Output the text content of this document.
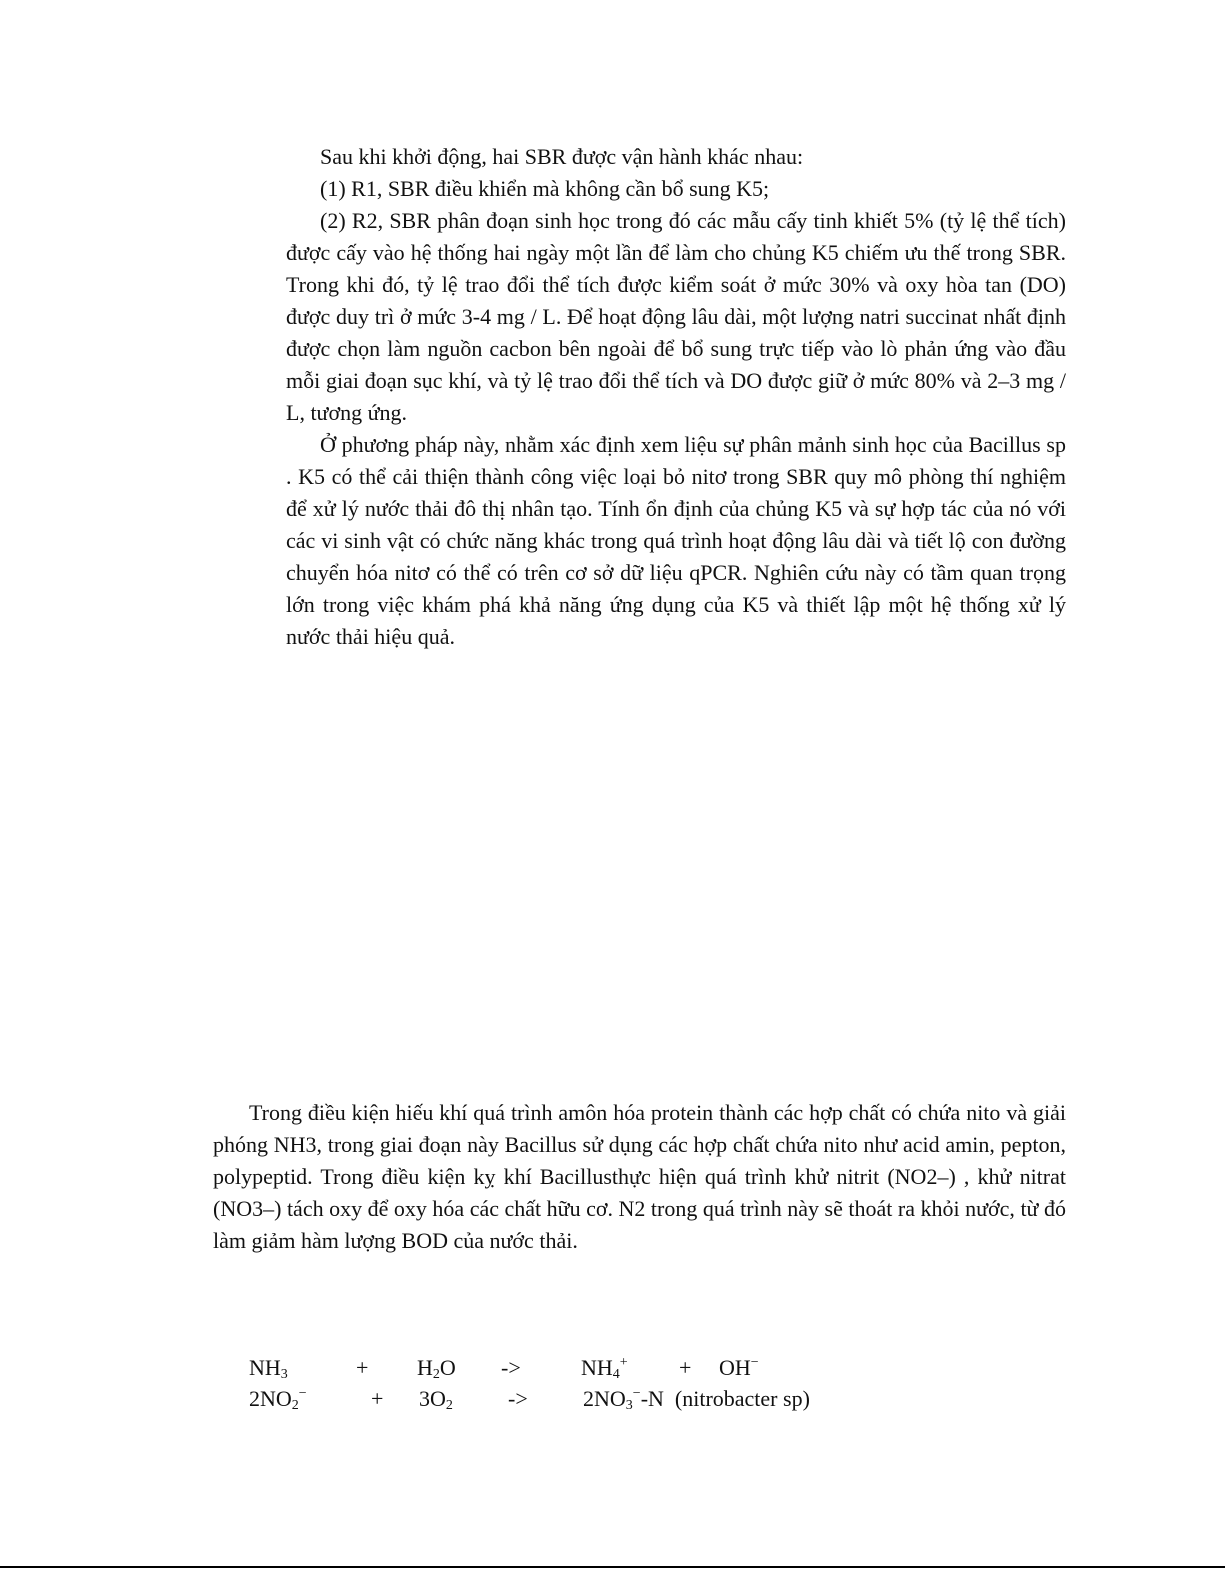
Sau khi khởi động, hai SBR được vận hành khác nhau:

(1) R1, SBR điều khiển mà không cần bổ sung K5;

(2) R2, SBR phân đoạn sinh học trong đó các mẫu cấy tinh khiết 5% (tỷ lệ thể tích) được cấy vào hệ thống hai ngày một lần để làm cho chủng K5 chiếm ưu thế trong SBR. Trong khi đó, tỷ lệ trao đổi thể tích được kiểm soát ở mức 30% và oxy hòa tan (DO) được duy trì ở mức 3-4 mg / L. Để hoạt động lâu dài, một lượng natri succinat nhất định được chọn làm nguồn cacbon bên ngoài để bổ sung trực tiếp vào lò phản ứng vào đầu mỗi giai đoạn sục khí, và tỷ lệ trao đổi thể tích và DO được giữ ở mức 80% và 2–3 mg / L, tương ứng.

Ở phương pháp này, nhằm xác định xem liệu sự phân mảnh sinh học của Bacillus sp . K5 có thể cải thiện thành công việc loại bỏ nitơ trong SBR quy mô phòng thí nghiệm để xử lý nước thải đô thị nhân tạo. Tính ổn định của chủng K5 và sự hợp tác của nó với các vi sinh vật có chức năng khác trong quá trình hoạt động lâu dài và tiết lộ con đường chuyển hóa nitơ có thể có trên cơ sở dữ liệu qPCR. Nghiên cứu này có tầm quan trọng lớn trong việc khám phá khả năng ứng dụng của K5 và thiết lập một hệ thống xử lý nước thải hiệu quả.

Trong điều kiện hiếu khí quá trình amôn hóa protein thành các hợp chất có chứa nito và giải phóng NH3, trong giai đoạn này Bacillus sử dụng các hợp chất chứa nito như acid amin, pepton, polypeptid. Trong điều kiện kỵ khí Bacillusthực hiện quá trình khử nitrit (NO2–) , khử nitrat (NO3–) tách oxy để oxy hóa các chất hữu cơ. N2 trong quá trình này sẽ thoát ra khỏi nước, từ đó làm giảm hàm lượng BOD của nước thải.

$NH_3$	+ $H_2O$ ->	$NH_4^+ + OH^-$
$2NO_2^-$	+ $3O_2$	->	$2NO_3^--N$  (nitrobacter sp)
